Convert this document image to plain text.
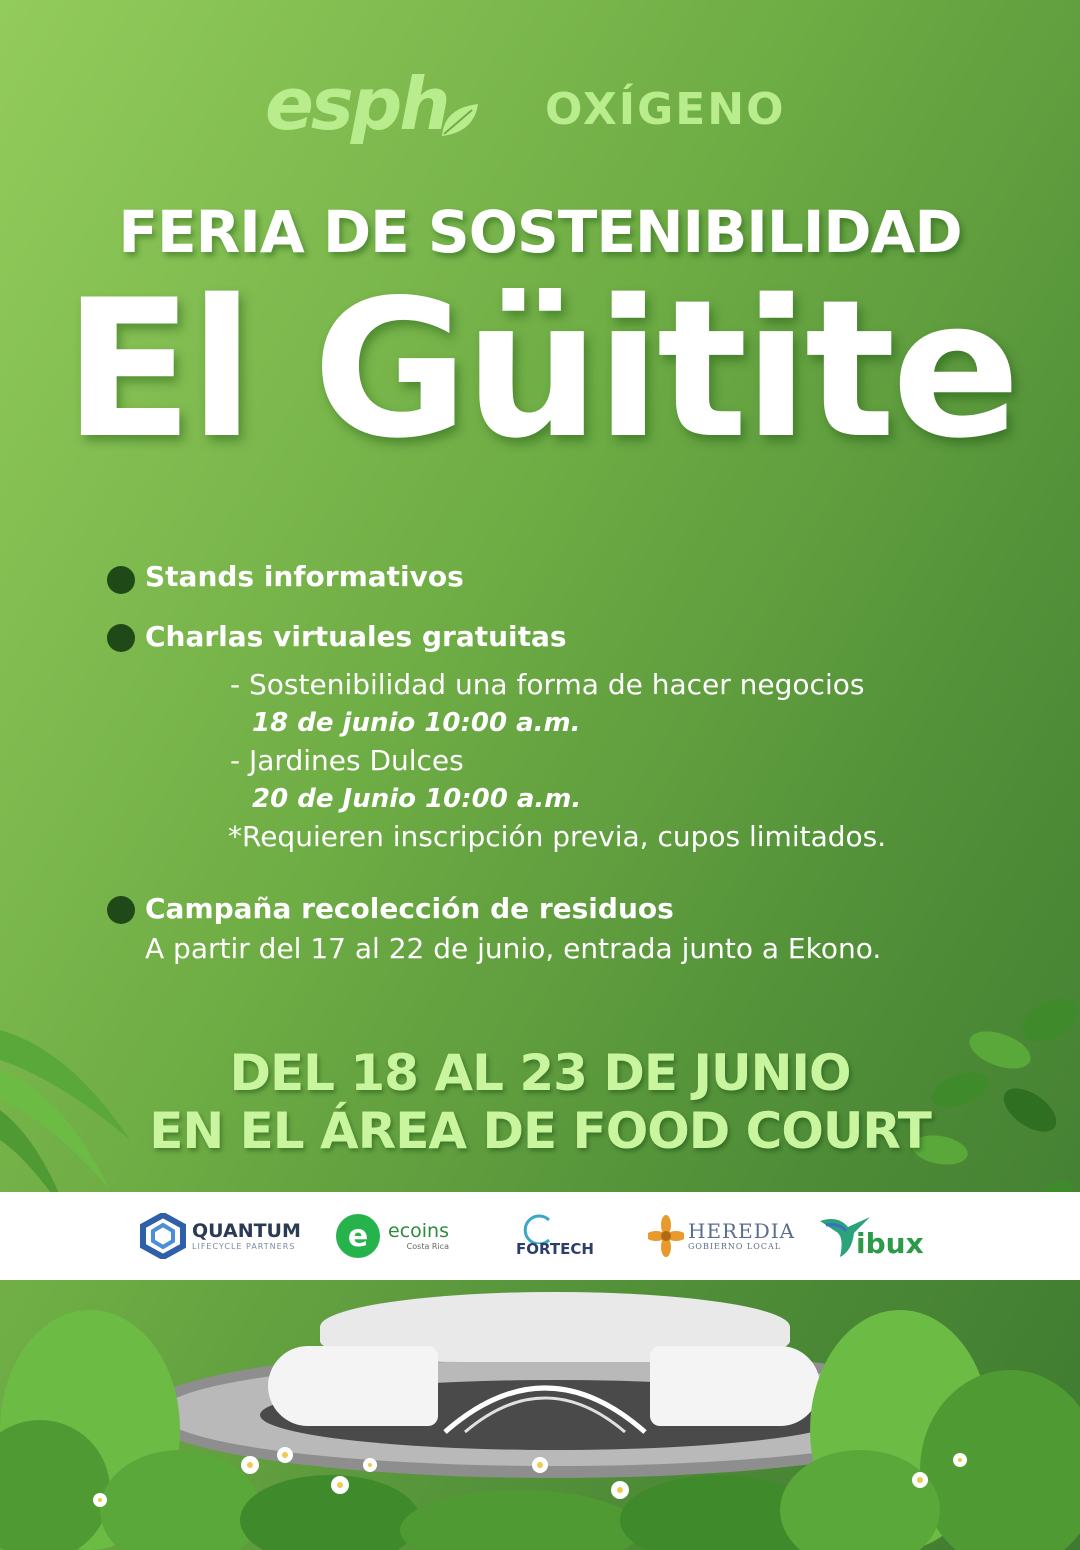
esph OXÍGENO
FERIA DE SOSTENIBILIDAD
El Güitite
Stands informativos
Charlas virtuales gratuitas
- Sostenibilidad una forma de hacer negocios
18 de junio 10:00 a.m.
- Jardines Dulces
20 de Junio 10:00 a.m.
*Requieren inscripción previa, cupos limitados.
Campaña recolección de residuos
A partir del 17 al 22 de junio, entrada junto a Ekono.
DEL 18 AL 23 DE JUNIO
EN EL ÁREA DE FOOD COURT
QUANTUM
LIFECYCLE PARTNERS	e	ecoins
Costa Rica	FORTECH
HEREDIA
GOBIERNO LOCAL	ibux
